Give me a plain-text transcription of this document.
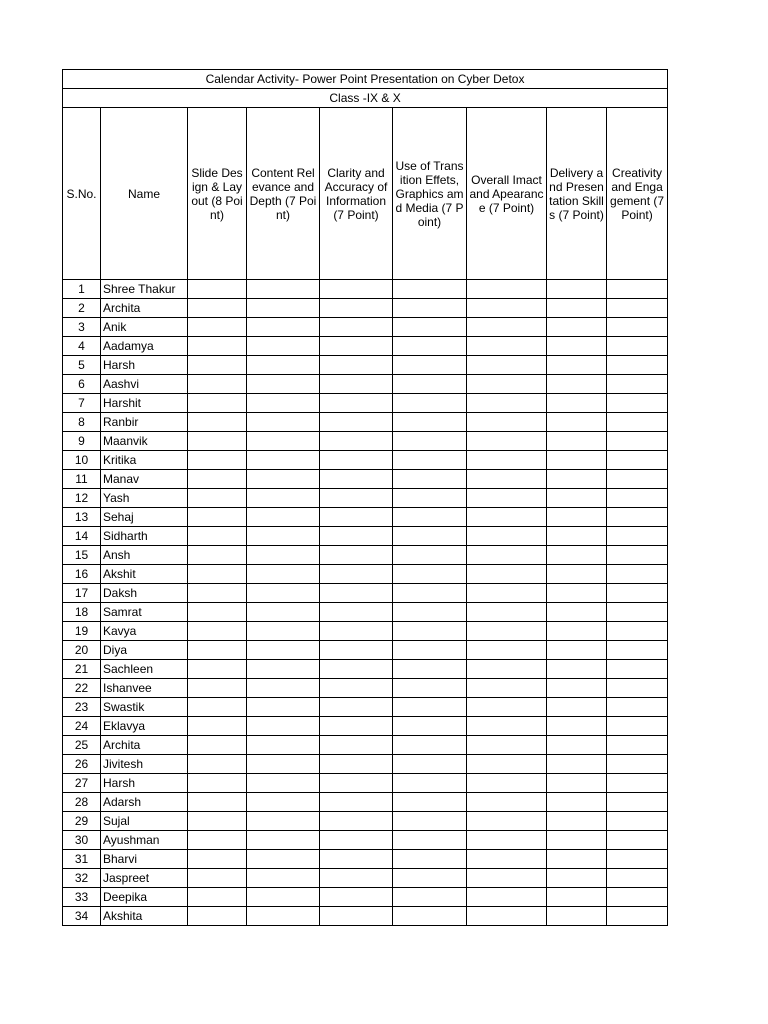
Calendar Activity- Power Point Presentation on Cyber Detox								
Class -IX & X								
S.No.	Name	Slide Design & Layout (8 Point)	Content Relevance and Depth (7 Point)	Clarity and Accuracy of Information (7 Point)	Use of Transition Effets, Graphics amd Media (7 Point)	Overall Imact and Apearance (7 Point)	Delivery and Presentation Skills (7 Point)	Creativity and Engagement (7 Point)
1	Shree Thakur							
2	Archita							
3	Anik							
4	Aadamya							
5	Harsh							
6	Aashvi							
7	Harshit							
8	Ranbir							
9	Maanvik							
10	Kritika							
11	Manav							
12	Yash							
13	Sehaj							
14	Sidharth							
15	Ansh							
16	Akshit							
17	Daksh							
18	Samrat							
19	Kavya							
20	Diya							
21	Sachleen							
22	Ishanvee							
23	Swastik							
24	Eklavya							
25	Archita							
26	Jivitesh							
27	Harsh							
28	Adarsh							
29	Sujal							
30	Ayushman							
31	Bharvi							
32	Jaspreet							
33	Deepika							
34	Akshita							
